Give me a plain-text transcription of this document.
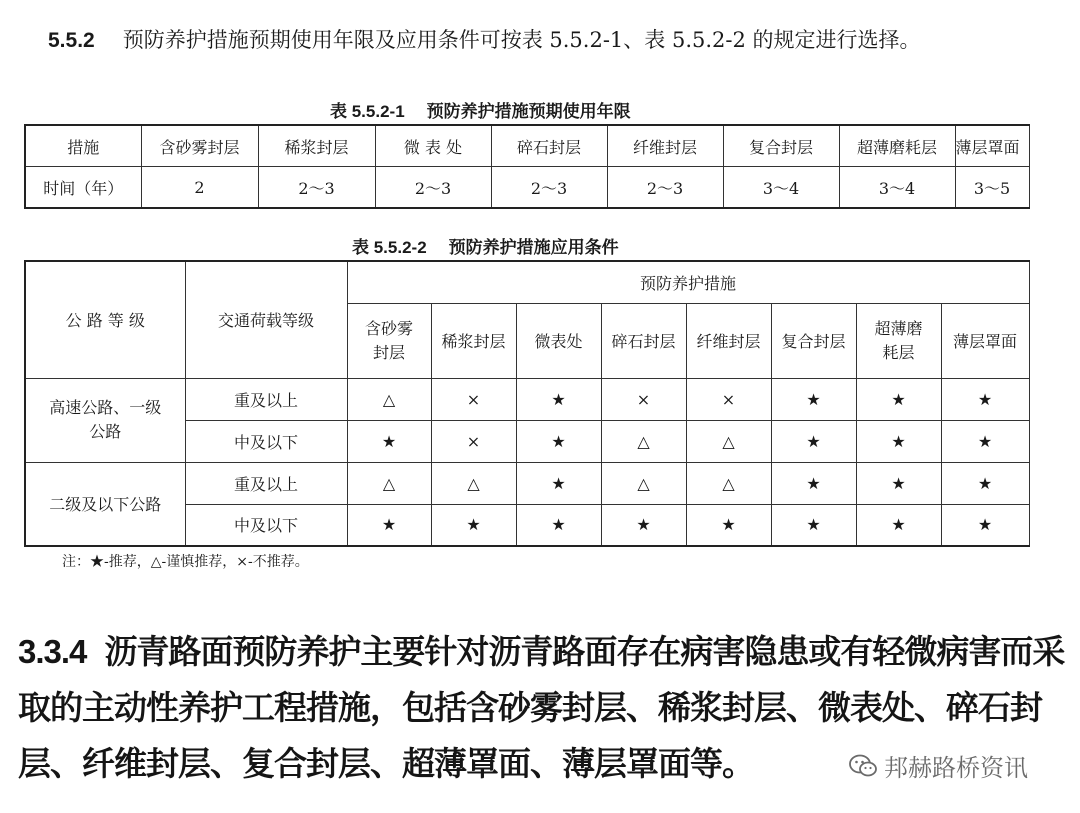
5.5.2 预防养护措施预期使用年限及应用条件可按表 5.5.2-1、表 5.5.2-2 的规定进行选择。
表 5.5.2-1 预防养护措施预期使用年限
措施	含砂雾封层	稀浆封层	微 表 处	碎石封层	纤维封层	复合封层	超薄磨耗层	薄层罩面
时间（年）	2	2～3	2～3	2～3	2～3	3～4	3～4	3～5
表 5.5.2-2 预防养护措施应用条件
公 路 等 级	交通荷载等级	预防养护措施							
		含砂雾封层	稀浆封层	微表处	碎石封层	纤维封层	复合封层	超薄磨耗层	薄层罩面
高速公路、一级公路	重及以上	△	×	★	×	×	★	★	★
	中及以下	★	×	★	△	△	★	★	★
二级及以下公路	重及以上	△	△	★	△	△	★	★	★
	中及以下	★	★	★	★	★	★	★	★
注：★-推荐，△-谨慎推荐，×-不推荐。
3.3.4 沥青路面预防养护主要针对沥青路面存在病害隐患或有轻微病害而采取的主动性养护工程措施，包括含砂雾封层、稀浆封层、微表处、碎石封层、纤维封层、复合封层、超薄罩面、薄层罩面等。	邦赫路桥资讯
